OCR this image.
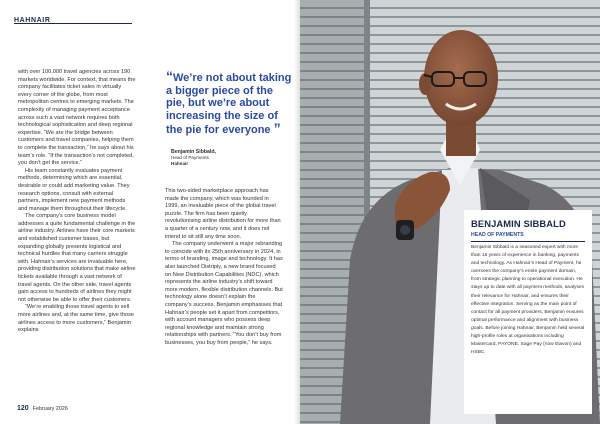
HAHNAIR

with over 100,000 travel agencies across 190 markets worldwide. For context, that means the company facilitates ticket sales in virtually every corner of the globe, from most metropolitan centres to emerging markets. The complexity of managing payment acceptance across such a vast network requires both technological sophistication and deep regional expertise. “We are the bridge between customers and travel companies, helping them to complete the transaction,” he says about his team’s role. “If the transaction’s not completed, you don’t get the service.”

His team constantly evaluates payment methods, determining which are essential, desirable or could add marketing value. They research options, consult with external partners, implement new payment methods and manage them throughout their lifecycle.

The company’s core business model addresses a quite fundamental challenge in the airline industry. Airlines have their core markets and established customer bases, but expanding globally presents logistical and technical hurdles that many carriers struggle with. Hahnair’s services are invaluable here, providing distribution solutions that make airline tickets available through a vast network of travel agents. On the other side, travel agents gain access to hundreds of airlines they might not otherwise be able to offer their customers.

“We’re enabling those travel agents to sell more airlines and, at the same time, give those airlines access to more customers,” Benjamin explains

“We’re not about taking a bigger piece of the pie, but we’re about increasing the size of the pie for everyone ”
Benjamin Sibbald,
Head of Payments
Hahnair

This two-sided marketplace approach has made the company, which was founded in 1999, an invaluable piece of the global travel puzzle. The firm has been quietly revolutionising airline distribution for more than a quarter of a century now, and it does not intend to sit still any time soon.

The company underwent a major rebranding to coincide with its 25th anniversary in 2024, in terms of branding, image and technology. It has also launched Distripiy, a new brand focused on New Distribution Capabilities (NDC), which represents the airline industry’s shift toward more modern, flexible distribution channels. But technology alone doesn’t explain the company’s success. Benjamin emphasises that Hahnair’s people set it apart from competitors, with account managers who possess deep regional knowledge and maintain strong relationships with partners. “You don’t buy from businesses, you buy from people,” he says.

120 February 2026
BENJAMIN SIBBALD
HEAD OF PAYMENTS

Benjamin Sibbald is a seasoned expert with more than 15 years of experience in banking, payments and technology. As Hahnair’s Head of Payment, he oversees the company’s entire payment domain, from strategic planning to operational execution. He stays up to date with all payment methods, analyses their relevance for Hahnair, and ensures their effective integration. Serving as the main point of contact for all payment providers, Benjamin ensures optimal performance and alignment with business goals. Before joining Hahnair, Benjamin held several high-profile roles at organisations including Mastercard, PAYONE, Sage Pay (now Elavon) and HSBC
